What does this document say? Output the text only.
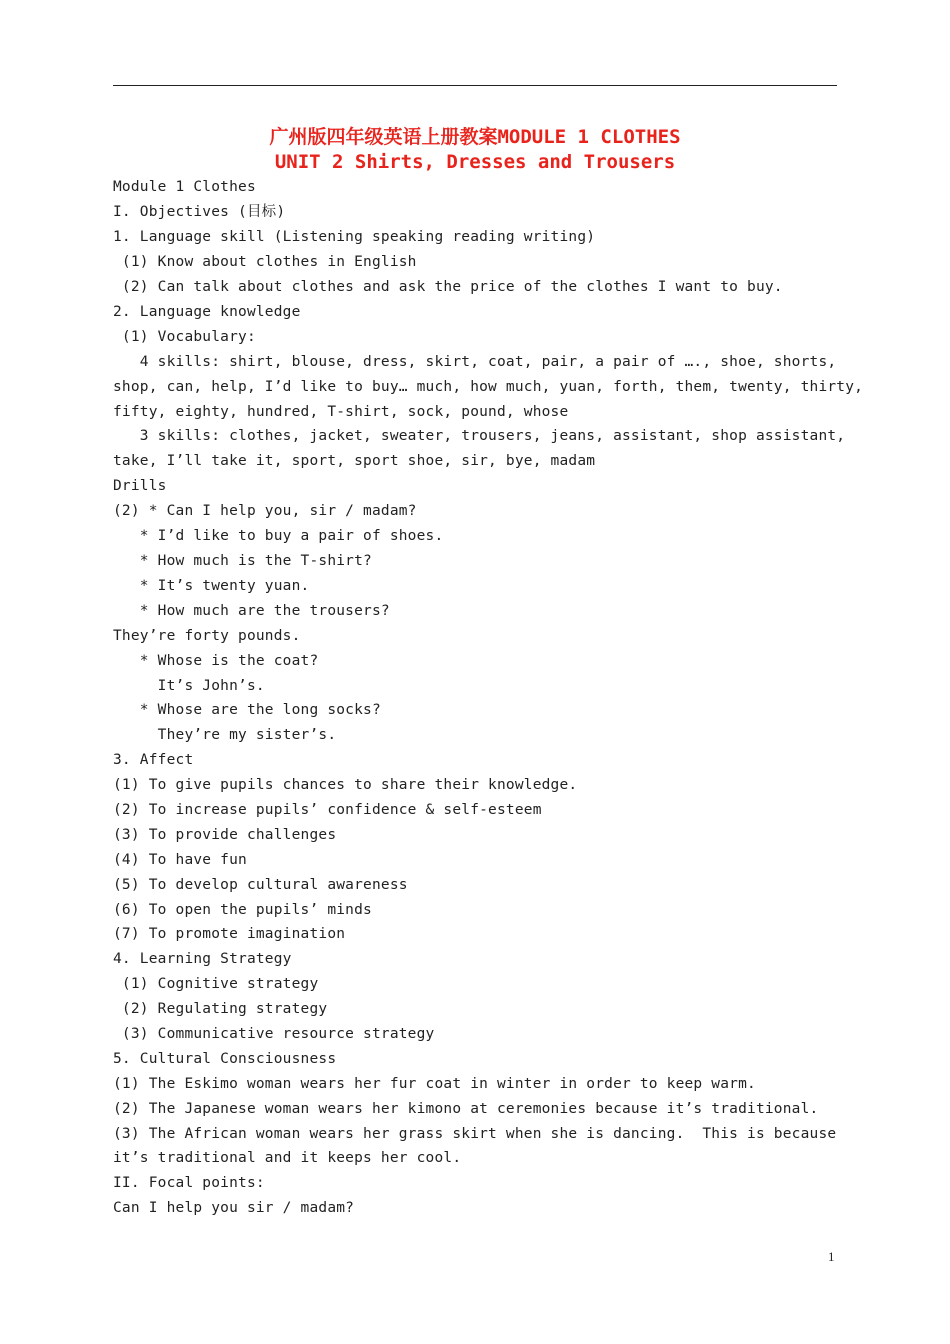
广州版四年级英语上册教案MODULE 1 CLOTHES
UNIT 2 Shirts, Dresses and Trousers
Module 1 Clothes
I. Objectives (目标)
1. Language skill (Listening speaking reading writing)
(1) Know about clothes in English
(2) Can talk about clothes and ask the price of the clothes I want to buy.
2. Language knowledge
(1) Vocabulary:
4 skills: shirt, blouse, dress, skirt, coat, pair, a pair of …., shoe, shorts,
shop, can, help, I’d like to buy… much, how much, yuan, forth, them, twenty, thirty,
fifty, eighty, hundred, T-shirt, sock, pound, whose
3 skills: clothes, jacket, sweater, trousers, jeans, assistant, shop assistant,
take, I’ll take it, sport, sport shoe, sir, bye, madam
Drills
(2) * Can I help you, sir / madam?
* I’d like to buy a pair of shoes.
* How much is the T-shirt?
* It’s twenty yuan.
* How much are the trousers?
They’re forty pounds.
* Whose is the coat?
It’s John’s.
* Whose are the long socks?
They’re my sister’s.
3. Affect
(1) To give pupils chances to share their knowledge.
(2) To increase pupils’ confidence & self-esteem
(3) To provide challenges
(4) To have fun
(5) To develop cultural awareness
(6) To open the pupils’ minds
(7) To promote imagination
4. Learning Strategy
(1) Cognitive strategy
(2) Regulating strategy
(3) Communicative resource strategy
5. Cultural Consciousness
(1) The Eskimo woman wears her fur coat in winter in order to keep warm.
(2) The Japanese woman wears her kimono at ceremonies because it’s traditional.
(3) The African woman wears her grass skirt when she is dancing.  This is because
it’s traditional and it keeps her cool.
II. Focal points:
Can I help you sir / madam?
1
